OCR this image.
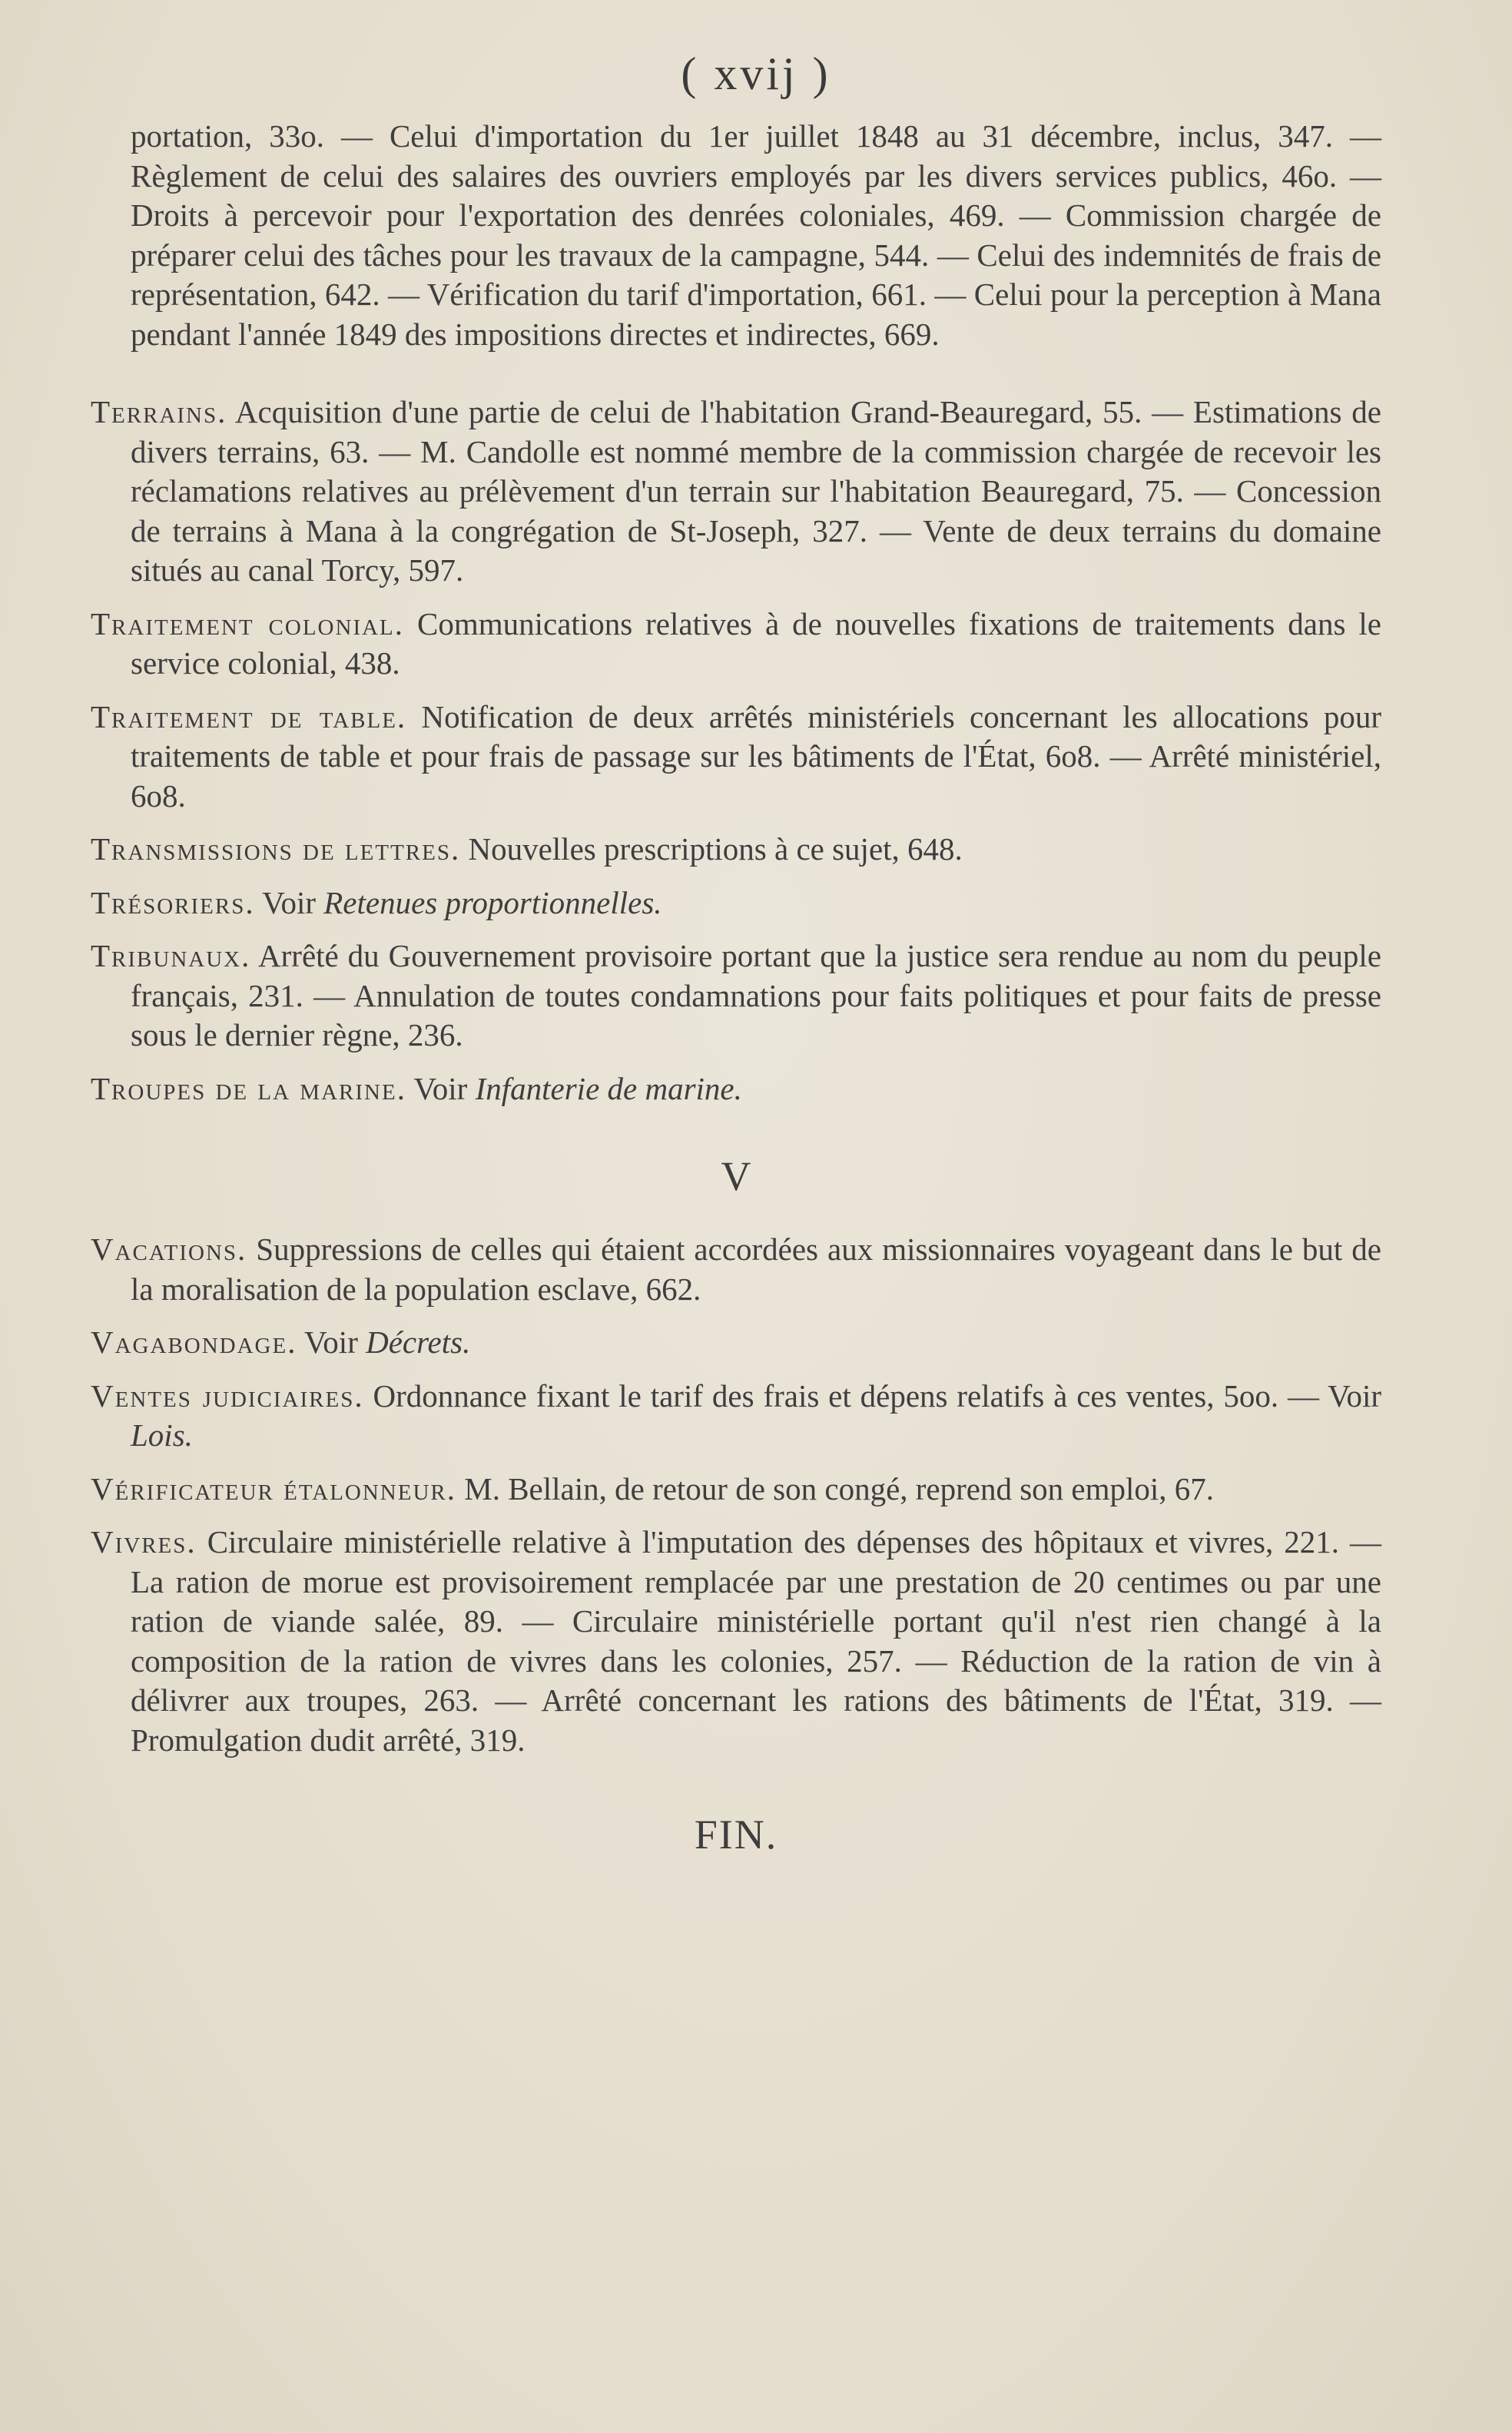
( xvij )

portation, 33o. — Celui d'importation du 1er juillet 1848 au 31 décembre, inclus, 347. — Règlement de celui des salaires des ouvriers employés par les divers services publics, 46o. — Droits à percevoir pour l'exportation des denrées coloniales, 469. — Commission chargée de préparer celui des tâches pour les travaux de la campagne, 544. — Celui des indemnités de frais de représentation, 642. — Vérification du tarif d'importation, 661. — Celui pour la perception à Mana pendant l'année 1849 des impositions directes et indirectes, 669.

Terrains. Acquisition d'une partie de celui de l'habitation Grand-Beauregard, 55. — Estimations de divers terrains, 63. — M. Candolle est nommé membre de la commission chargée de recevoir les réclamations relatives au prélèvement d'un terrain sur l'habitation Beauregard, 75. — Concession de terrains à Mana à la congrégation de St-Joseph, 327. — Vente de deux terrains du domaine situés au canal Torcy, 597.

Traitement colonial. Communications relatives à de nouvelles fixations de traitements dans le service colonial, 438.

Traitement de table. Notification de deux arrêtés ministériels concernant les allocations pour traitements de table et pour frais de passage sur les bâtiments de l'État, 6o8. — Arrêté ministériel, 6o8.

Transmissions de lettres. Nouvelles prescriptions à ce sujet, 648.

Trésoriers. Voir Retenues proportionnelles.

Tribunaux. Arrêté du Gouvernement provisoire portant que la justice sera rendue au nom du peuple français, 231. — Annulation de toutes condamnations pour faits politiques et pour faits de presse sous le dernier règne, 236.

Troupes de la marine. Voir Infanterie de marine.

V

Vacations. Suppressions de celles qui étaient accordées aux missionnaires voyageant dans le but de la moralisation de la population esclave, 662.

Vagabondage. Voir Décrets.

Ventes judiciaires. Ordonnance fixant le tarif des frais et dépens relatifs à ces ventes, 5oo. — Voir Lois.

Vérificateur étalonneur. M. Bellain, de retour de son congé, reprend son emploi, 67.

Vivres. Circulaire ministérielle relative à l'imputation des dépenses des hôpitaux et vivres, 221. — La ration de morue est provisoirement remplacée par une prestation de 20 centimes ou par une ration de viande salée, 89. — Circulaire ministérielle portant qu'il n'est rien changé à la composition de la ration de vivres dans les colonies, 257. — Réduction de la ration de vin à délivrer aux troupes, 263. — Arrêté concernant les rations des bâtiments de l'État, 319. — Promulgation dudit arrêté, 319.

FIN.
